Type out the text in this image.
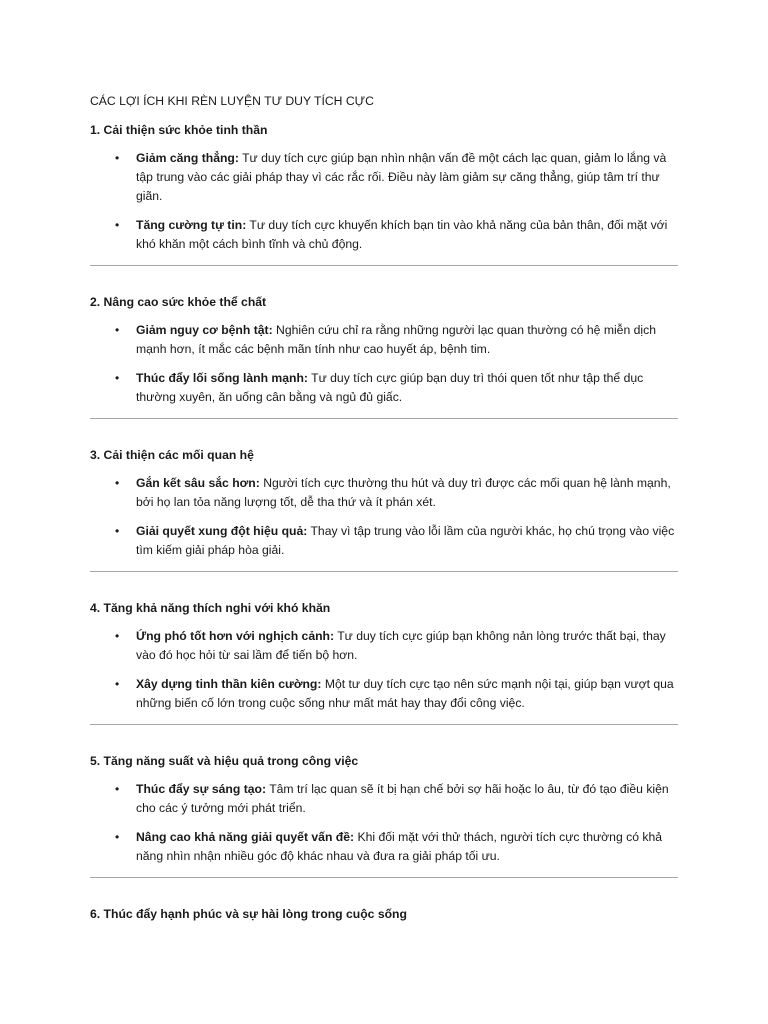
CÁC LỢI ÍCH KHI RÈN LUYỆN TƯ DUY TÍCH CỰC
1. Cải thiện sức khỏe tinh thần
• Giảm căng thẳng: Tư duy tích cực giúp bạn nhìn nhận vấn đề một cách lạc quan, giảm lo lắng và tập trung vào các giải pháp thay vì các rắc rối. Điều này làm giảm sự căng thẳng, giúp tâm trí thư giãn.
• Tăng cường tự tin: Tư duy tích cực khuyến khích bạn tin vào khả năng của bản thân, đối mặt với khó khăn một cách bình tĩnh và chủ động.
2. Nâng cao sức khỏe thể chất
• Giảm nguy cơ bệnh tật: Nghiên cứu chỉ ra rằng những người lạc quan thường có hệ miễn dịch mạnh hơn, ít mắc các bệnh mãn tính như cao huyết áp, bệnh tim.
• Thúc đẩy lối sống lành mạnh: Tư duy tích cực giúp bạn duy trì thói quen tốt như tập thể dục thường xuyên, ăn uống cân bằng và ngủ đủ giấc.
3. Cải thiện các mối quan hệ
• Gắn kết sâu sắc hơn: Người tích cực thường thu hút và duy trì được các mối quan hệ lành mạnh, bởi họ lan tỏa năng lượng tốt, dễ tha thứ và ít phán xét.
• Giải quyết xung đột hiệu quả: Thay vì tập trung vào lỗi lầm của người khác, họ chú trọng vào việc tìm kiếm giải pháp hòa giải.
4. Tăng khả năng thích nghi với khó khăn
• Ứng phó tốt hơn với nghịch cảnh: Tư duy tích cực giúp bạn không nản lòng trước thất bại, thay vào đó học hỏi từ sai lầm để tiến bộ hơn.
• Xây dựng tinh thần kiên cường: Một tư duy tích cực tạo nên sức mạnh nội tại, giúp bạn vượt qua những biến cố lớn trong cuộc sống như mất mát hay thay đổi công việc.
5. Tăng năng suất và hiệu quả trong công việc
• Thúc đẩy sự sáng tạo: Tâm trí lạc quan sẽ ít bị hạn chế bởi sợ hãi hoặc lo âu, từ đó tạo điều kiện cho các ý tưởng mới phát triển.
• Nâng cao khả năng giải quyết vấn đề: Khi đối mặt với thử thách, người tích cực thường có khả năng nhìn nhận nhiều góc độ khác nhau và đưa ra giải pháp tối ưu.
6. Thúc đẩy hạnh phúc và sự hài lòng trong cuộc sống
